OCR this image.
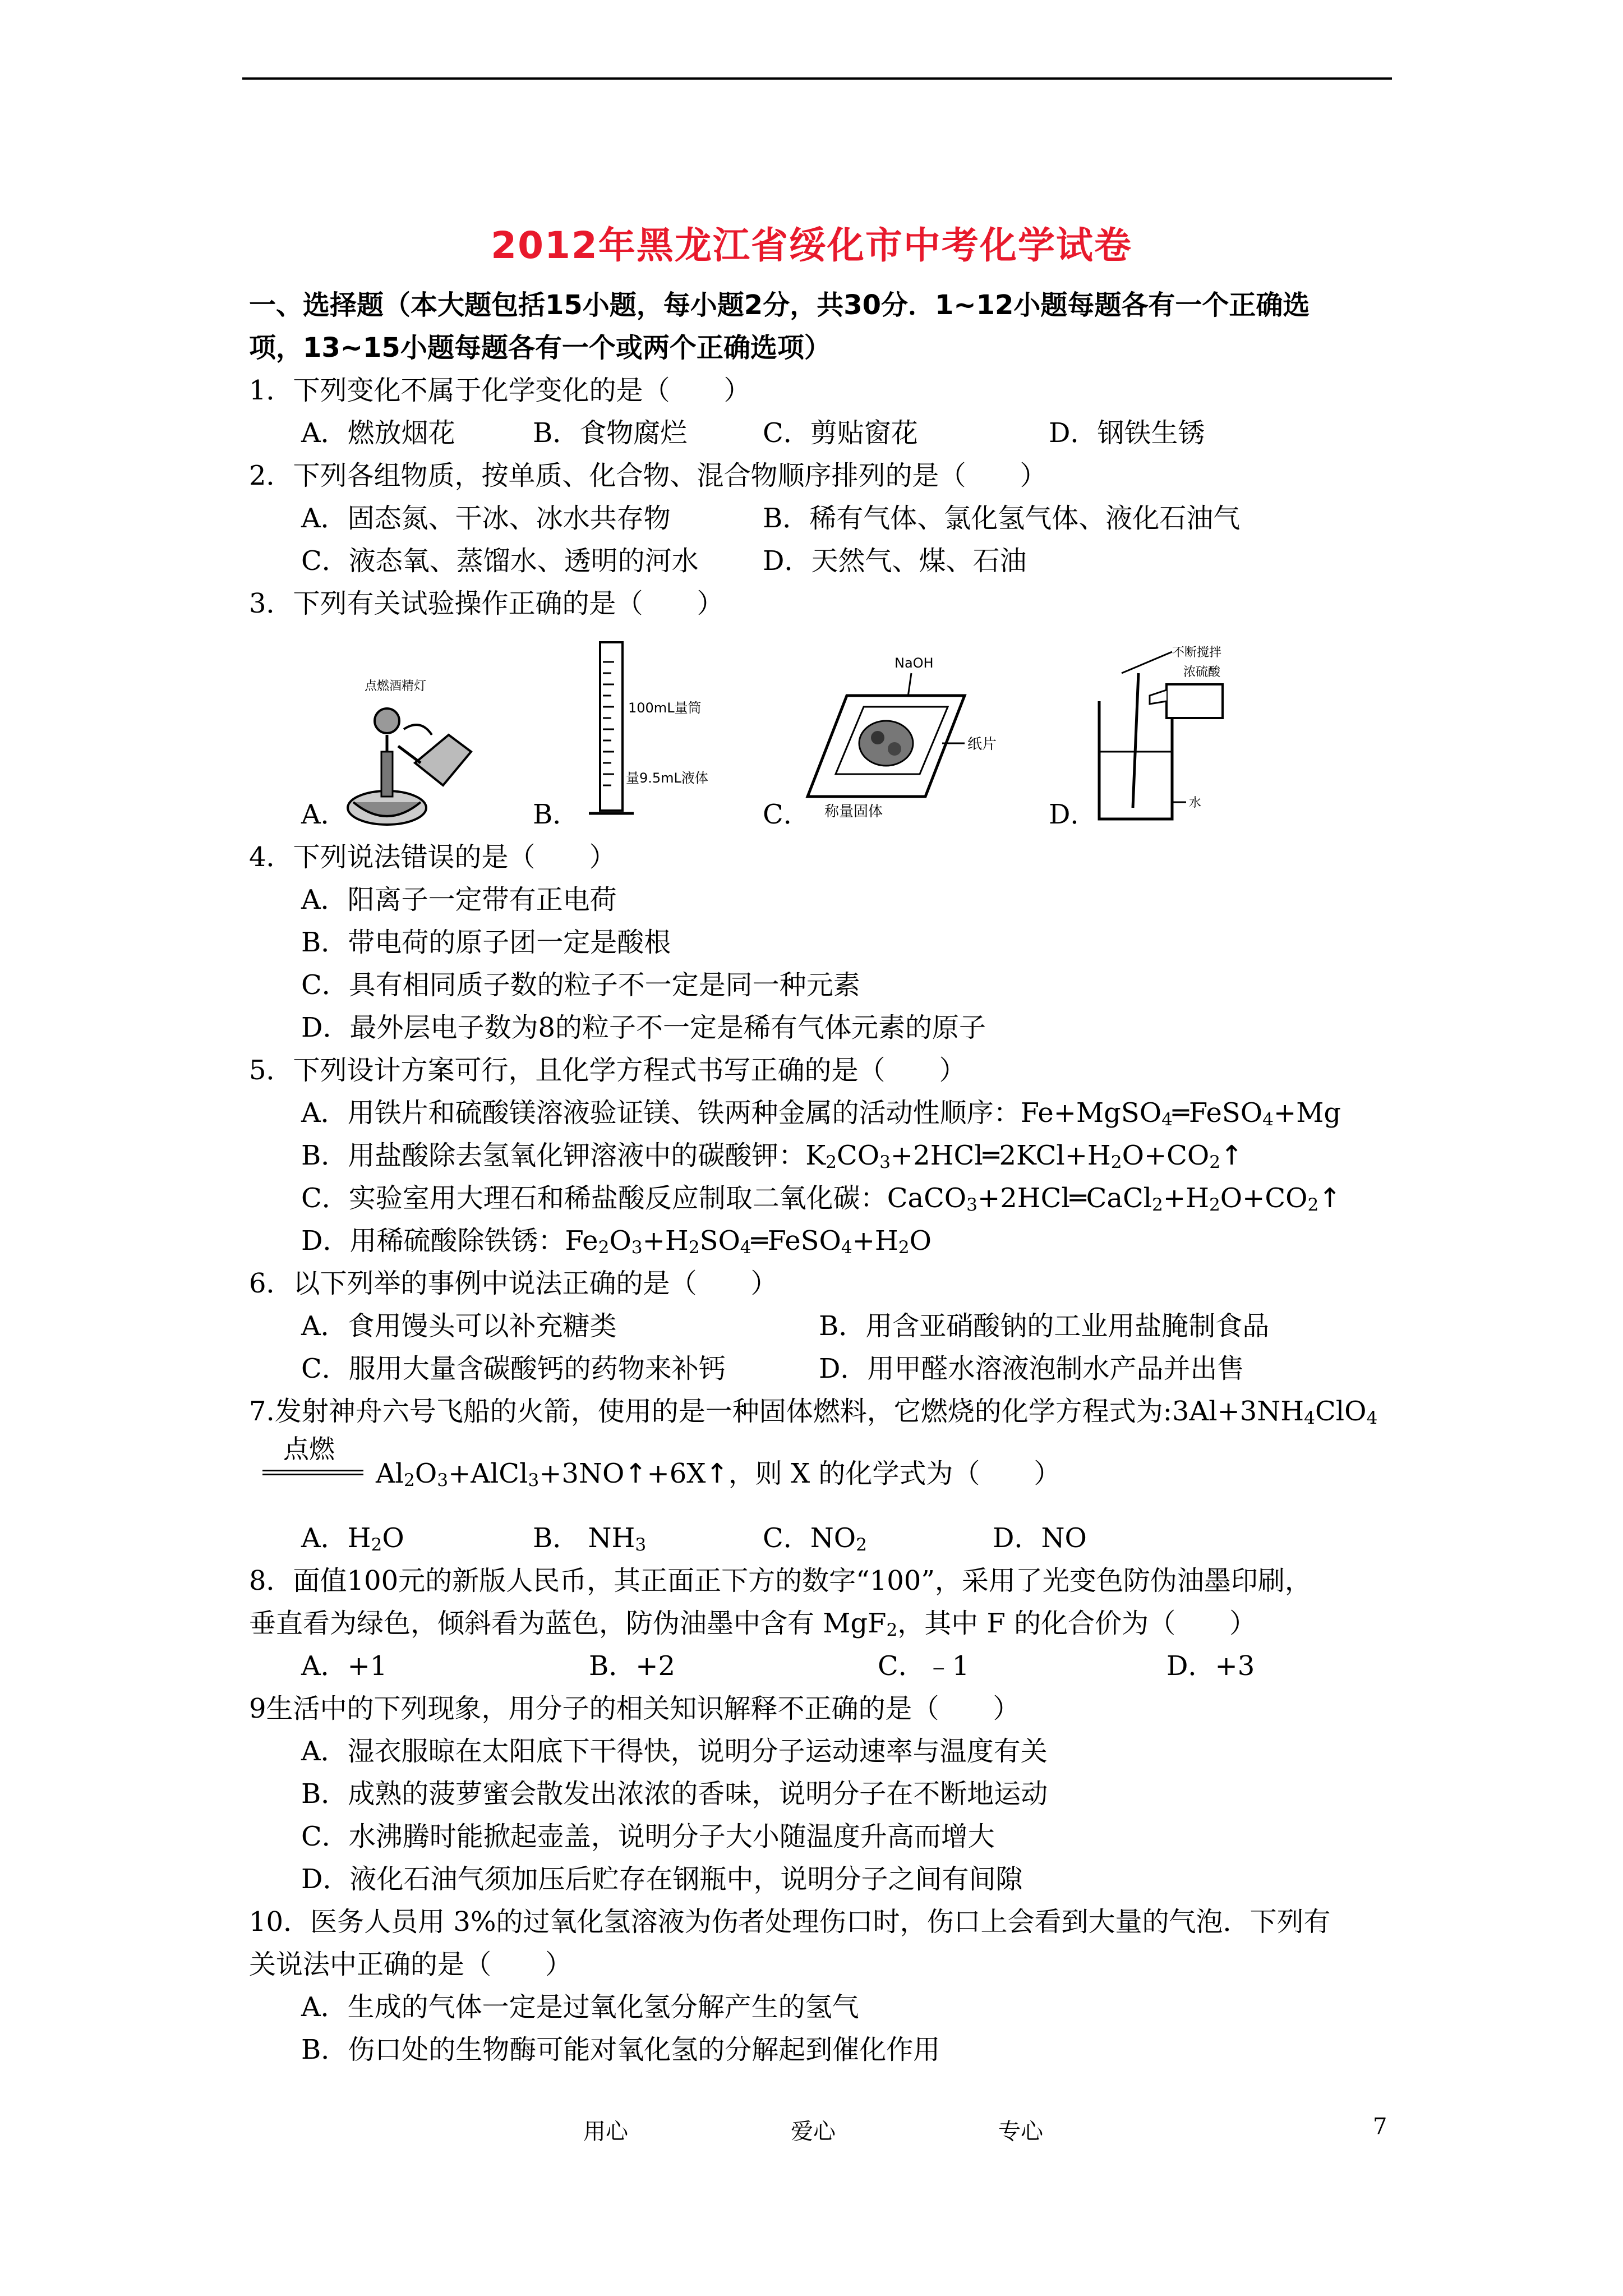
2012年黑龙江省绥化市中考化学试卷
一、选择题（本大题包括15小题，每小题2分，共30分．1~12小题每题各有一个正确选
项，13~15小题每题各有一个或两个正确选项）
1．下列变化不属于化学变化的是（　　）
A．燃放烟花	B．食物腐烂	C．剪贴窗花	D．钢铁生锈
2．下列各组物质，按单质、化合物、混合物顺序排列的是（　　）
A．固态氮、干冰、冰水共存物	B．稀有气体、氯化氢气体、液化石油气
C．液态氧、蒸馏水、透明的河水 D．天然气、煤、石油
3．下列有关试验操作正确的是（　　）
A．	B．	C．	D．
点燃酒精灯
100mL量筒
量9.5mL液体
NaOH
纸片
称量固体
不断搅拌
浓硫酸
水
4．下列说法错误的是（　　）
A．阳离子一定带有正电荷
B．带电荷的原子团一定是酸根
C．具有相同质子数的粒子不一定是同一种元素
D．最外层电子数为8的粒子不一定是稀有气体元素的原子
5．下列设计方案可行，且化学方程式书写正确的是（　　）
A．用铁片和硫酸镁溶液验证镁、铁两种金属的活动性顺序：Fe+MgSO$_4$═FeSO$_4$+Mg
B．用盐酸除去氢氧化钾溶液中的碳酸钾：$K_2CO_3+2HCl═2KCl+H_2O+CO_2↑$
C．实验室用大理石和稀盐酸反应制取二氧化碳：$CaCO_3+2HCl═CaCl_2+H_2O+CO_2↑$
D．用稀硫酸除铁锈：$Fe_2O_3+H_2SO_4═FeSO_4+H_2O$
6．以下列举的事例中说法正确的是（　　）
A．食用馒头可以补充糖类	B．用含亚硝酸钠的工业用盐腌制食品
C．服用大量含碳酸钙的药物来补钙	D．用甲醛水溶液泡制水产品并出售
7.发射神舟六号飞船的火箭，使用的是一种固体燃料，它燃烧的化学方程式为$:3Al+3NH_4ClO_4$
点燃
$Al_2O_3+AlCl_3+3NO↑+6X↑$，则 X 的化学式为（　　）
A．$H_2O$	B． $NH_3$	C．$NO_2$	D．NO
8．面值100元的新版人民币，其正面正下方的数字“100”，采用了光变色防伪油墨印刷，
垂直看为绿色，倾斜看为蓝色，防伪油墨中含有 MgF$_2$，其中 F 的化合价为（　　）
A．+1	B．+2	C．﹣1	D．+3
9生活中的下列现象，用分子的相关知识解释不正确的是（　　）
A．湿衣服晾在太阳底下干得快，说明分子运动速率与温度有关
B．成熟的菠萝蜜会散发出浓浓的香味，说明分子在不断地运动
C．水沸腾时能掀起壶盖，说明分子大小随温度升高而增大
D．液化石油气须加压后贮存在钢瓶中，说明分子之间有间隙
10．医务人员用 3%的过氧化氢溶液为伤者处理伤口时，伤口上会看到大量的气泡．下列有
关说法中正确的是（　　）
A．生成的气体一定是过氧化氢分解产生的氢气
B．伤口处的生物酶可能对氧化氢的分解起到催化作用
用心	爱心	专心	7
